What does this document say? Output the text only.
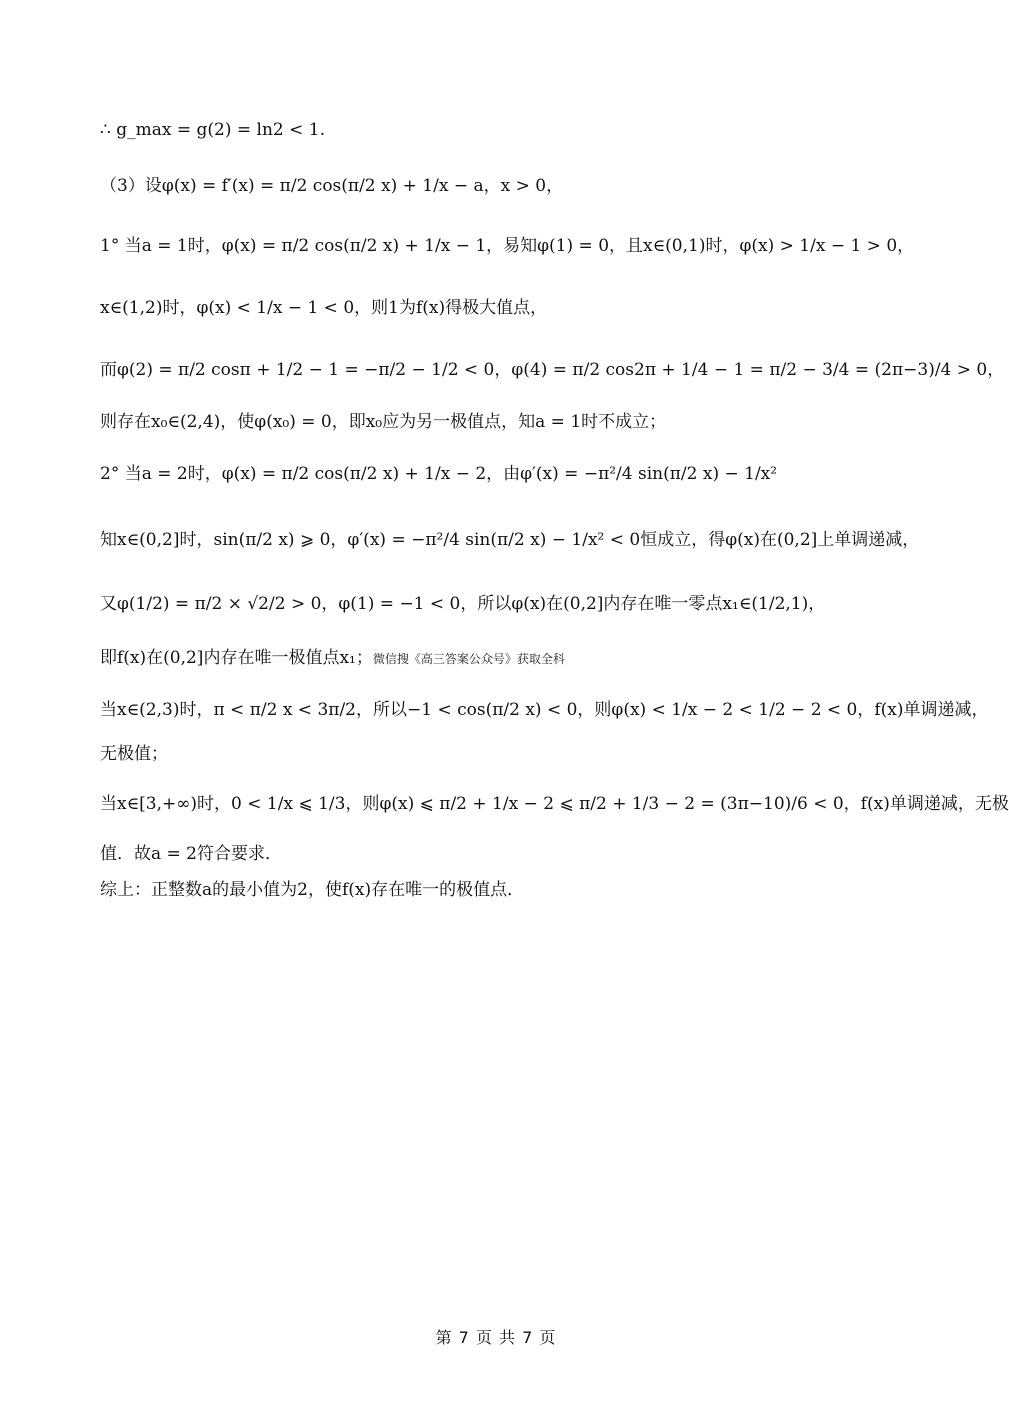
∴ g_max = g(2) = ln2 < 1.
（3）设φ(x) = f′(x) = π/2 cos(π/2 x) + 1/x − a，x > 0，
1° 当a = 1时，φ(x) = π/2 cos(π/2 x) + 1/x − 1，易知φ(1) = 0，且x∈(0,1)时，φ(x) > 1/x − 1 > 0，
x∈(1,2)时，φ(x) < 1/x − 1 < 0，则1为f(x)得极大值点，
而φ(2) = π/2 cosπ + 1/2 − 1 = −π/2 − 1/2 < 0，φ(4) = π/2 cos2π + 1/4 − 1 = π/2 − 3/4 = (2π−3)/4 > 0，
则存在x₀∈(2,4)，使φ(x₀) = 0，即x₀应为另一极值点，知a = 1时不成立；
2° 当a = 2时，φ(x) = π/2 cos(π/2 x) + 1/x − 2，由φ′(x) = −π²/4 sin(π/2 x) − 1/x²
知x∈(0,2]时，sin(π/2 x) ⩾ 0，φ′(x) = −π²/4 sin(π/2 x) − 1/x² < 0恒成立，得φ(x)在(0,2]上单调递减，
又φ(1/2) = π/2 × √2/2 > 0，φ(1) = −1 < 0，所以φ(x)在(0,2]内存在唯一零点x₁∈(1/2,1)，
即f(x)在(0,2]内存在唯一极值点x₁；微信搜《高三答案公众号》获取全科
当x∈(2,3)时，π < π/2 x < 3π/2，所以−1 < cos(π/2 x) < 0，则φ(x) < 1/x − 2 < 1/2 − 2 < 0，f(x)单调递减，
无极值；
当x∈[3,+∞)时，0 < 1/x ⩽ 1/3，则φ(x) ⩽ π/2 + 1/x − 2 ⩽ π/2 + 1/3 − 2 = (3π−10)/6 < 0，f(x)单调递减，无极
值．故a = 2符合要求．
综上：正整数a的最小值为2，使f(x)存在唯一的极值点．
第 7 页 共 7 页
